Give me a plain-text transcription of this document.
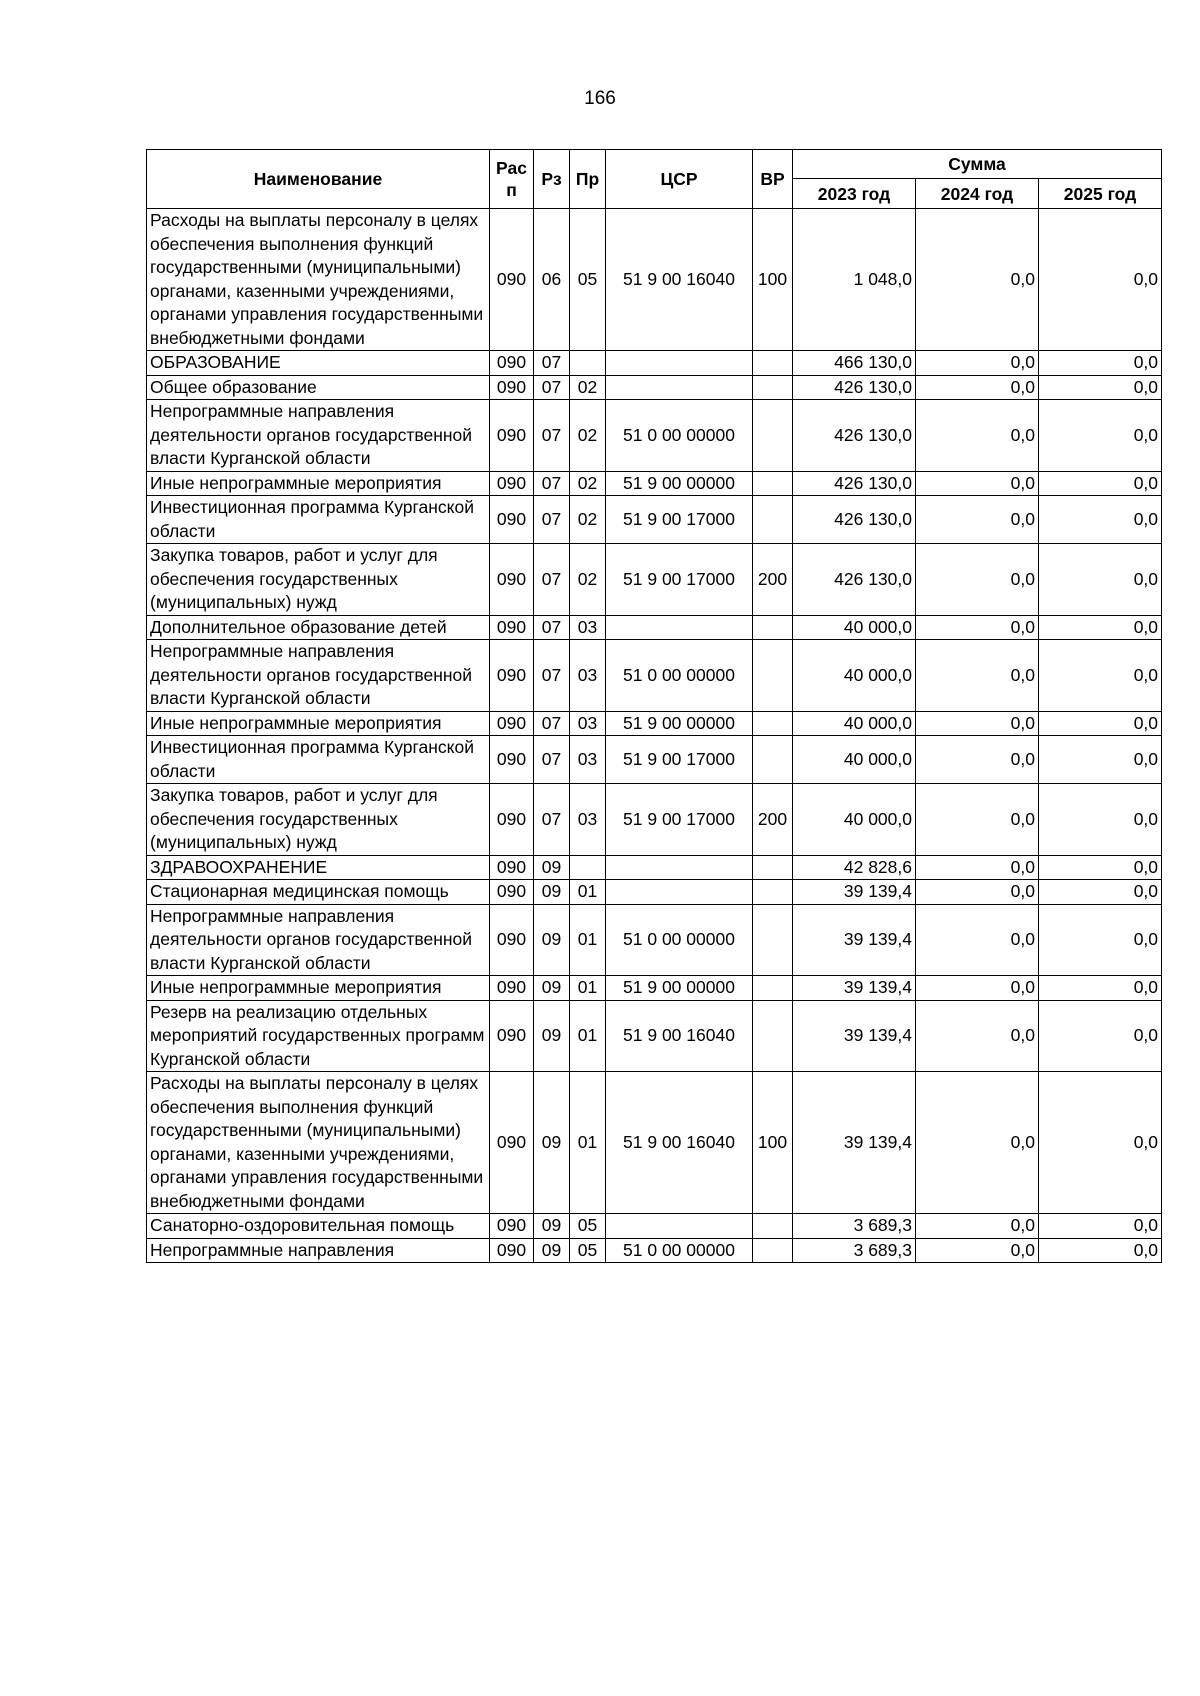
166
Наименование	Рас п	Рз	Пр	ЦСР	ВР	Сумма		
						2023 год	2024 год	2025 год
Расходы на выплаты персоналу в целях обеспечения выполнения функций государственными (муниципальными) органами, казенными учреждениями, органами управления государственными внебюджетными фондами	090	06	05	51 9 00 16040	100	1 048,0	0,0	0,0
ОБРАЗОВАНИЕ	090	07				466 130,0	0,0	0,0
Общее образование	090	07	02			426 130,0	0,0	0,0
Непрограммные направления деятельности органов государственной власти Курганской области	090	07	02	51 0 00 00000		426 130,0	0,0	0,0
Иные непрограммные мероприятия	090	07	02	51 9 00 00000		426 130,0	0,0	0,0
Инвестиционная программа Курганской области	090	07	02	51 9 00 17000		426 130,0	0,0	0,0
Закупка товаров, работ и услуг для обеспечения государственных (муниципальных) нужд	090	07	02	51 9 00 17000	200	426 130,0	0,0	0,0
Дополнительное образование детей	090	07	03			40 000,0	0,0	0,0
Непрограммные направления деятельности органов государственной власти Курганской области	090	07	03	51 0 00 00000		40 000,0	0,0	0,0
Иные непрограммные мероприятия	090	07	03	51 9 00 00000		40 000,0	0,0	0,0
Инвестиционная программа Курганской области	090	07	03	51 9 00 17000		40 000,0	0,0	0,0
Закупка товаров, работ и услуг для обеспечения государственных (муниципальных) нужд	090	07	03	51 9 00 17000	200	40 000,0	0,0	0,0
ЗДРАВООХРАНЕНИЕ	090	09				42 828,6	0,0	0,0
Стационарная медицинская помощь	090	09	01			39 139,4	0,0	0,0
Непрограммные направления деятельности органов государственной власти Курганской области	090	09	01	51 0 00 00000		39 139,4	0,0	0,0
Иные непрограммные мероприятия	090	09	01	51 9 00 00000		39 139,4	0,0	0,0
Резерв на реализацию отдельных мероприятий государственных программ Курганской области	090	09	01	51 9 00 16040		39 139,4	0,0	0,0
Расходы на выплаты персоналу в целях обеспечения выполнения функций государственными (муниципальными) органами, казенными учреждениями, органами управления государственными внебюджетными фондами	090	09	01	51 9 00 16040	100	39 139,4	0,0	0,0
Санаторно-оздоровительная помощь	090	09	05			3 689,3	0,0	0,0
Непрограммные направления	090	09	05	51 0 00 00000		3 689,3	0,0	0,0
